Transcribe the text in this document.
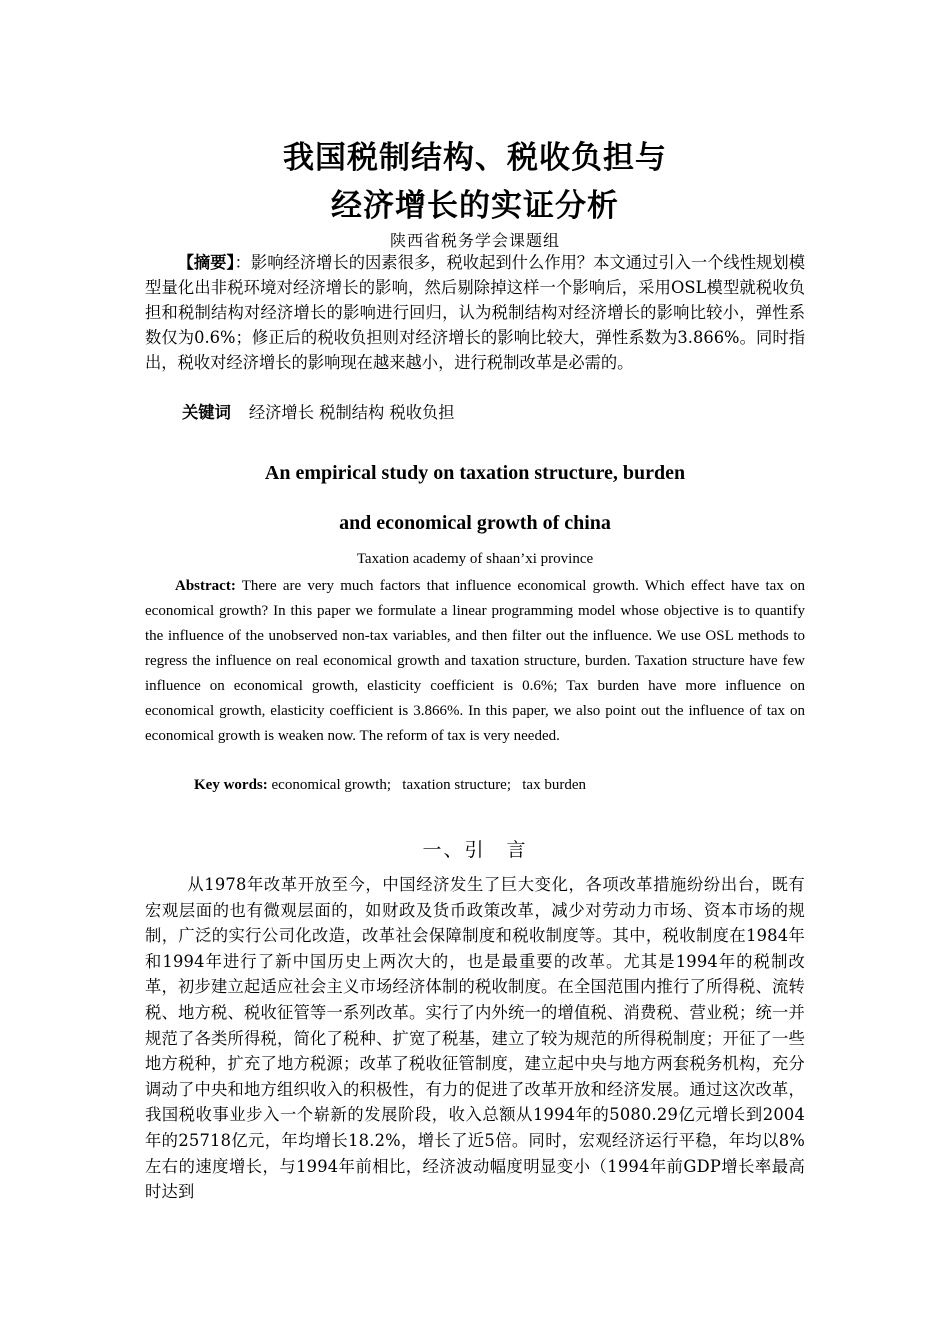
我国税制结构、税收负担与
经济增长的实证分析
陕西省税务学会课题组

【摘要】：影响经济增长的因素很多，税收起到什么作用？本文通过引入一个线性规划模型量化出非税环境对经济增长的影响，然后剔除掉这样一个影响后，采用OSL模型就税收负担和税制结构对经济增长的影响进行回归，认为税制结构对经济增长的影响比较小，弹性系数仅为0.6%；修正后的税收负担则对经济增长的影响比较大，弹性系数为3.866%。同时指出，税收对经济增长的影响现在越来越小，进行税制改革是必需的。

关键词 经济增长 税制结构 税收负担
An empirical study on taxation structure, burden
and economical growth of china
Taxation academy of shaan’xi province

Abstract: There are very much factors that influence economical growth. Which effect have tax on economical growth? In this paper we formulate a linear programming model whose objective is to quantify the influence of the unobserved non-tax variables, and then filter out the influence. We use OSL methods to regress the influence on real economical growth and taxation structure, burden. Taxation structure have few influence on economical growth, elasticity coefficient is 0.6%; Tax burden have more influence on economical growth, elasticity coefficient is 3.866%. In this paper, we also point out the influence of tax on economical growth is weaken now. The reform of tax is very needed.

Key words: economical growth;   taxation structure;   tax burden
一、引　言

从1978年改革开放至今，中国经济发生了巨大变化，各项改革措施纷纷出台，既有宏观层面的也有微观层面的，如财政及货币政策改革，减少对劳动力市场、资本市场的规制，广泛的实行公司化改造，改革社会保障制度和税收制度等。其中，税收制度在1984年和1994年进行了新中国历史上两次大的，也是最重要的改革。尤其是1994年的税制改革，初步建立起适应社会主义市场经济体制的税收制度。在全国范围内推行了所得税、流转税、地方税、税收征管等一系列改革。实行了内外统一的增值税、消费税、营业税；统一并规范了各类所得税，简化了税种、扩宽了税基，建立了较为规范的所得税制度；开征了一些地方税种，扩充了地方税源；改革了税收征管制度，建立起中央与地方两套税务机构，充分调动了中央和地方组织收入的积极性，有力的促进了改革开放和经济发展。通过这次改革，我国税收事业步入一个崭新的发展阶段，收入总额从1994年的5080.29亿元增长到2004年的25718亿元，年均增长18.2%，增长了近5倍。同时，宏观经济运行平稳，年均以8%左右的速度增长，与1994年前相比，经济波动幅度明显变小（1994年前GDP增长率最高时达到
